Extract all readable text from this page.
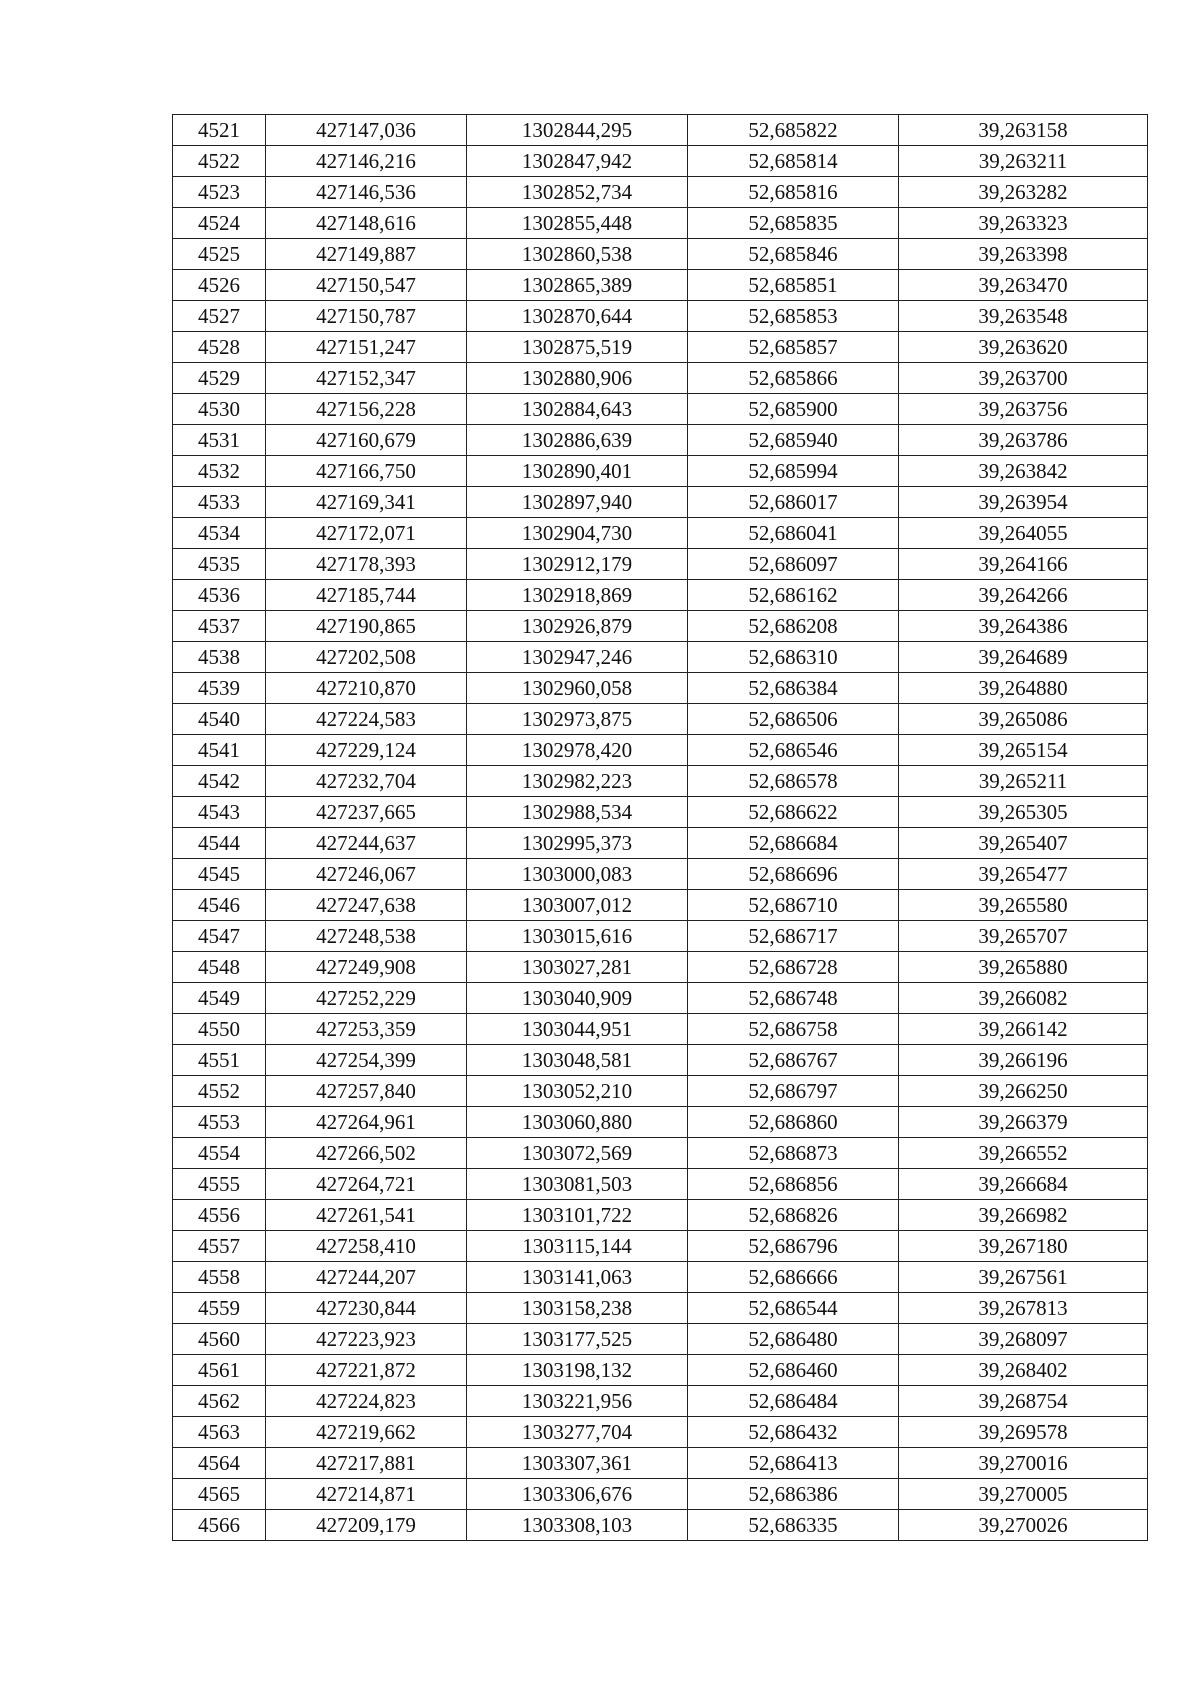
4521	427147,036	1302844,295	52,685822	39,263158
4522	427146,216	1302847,942	52,685814	39,263211
4523	427146,536	1302852,734	52,685816	39,263282
4524	427148,616	1302855,448	52,685835	39,263323
4525	427149,887	1302860,538	52,685846	39,263398
4526	427150,547	1302865,389	52,685851	39,263470
4527	427150,787	1302870,644	52,685853	39,263548
4528	427151,247	1302875,519	52,685857	39,263620
4529	427152,347	1302880,906	52,685866	39,263700
4530	427156,228	1302884,643	52,685900	39,263756
4531	427160,679	1302886,639	52,685940	39,263786
4532	427166,750	1302890,401	52,685994	39,263842
4533	427169,341	1302897,940	52,686017	39,263954
4534	427172,071	1302904,730	52,686041	39,264055
4535	427178,393	1302912,179	52,686097	39,264166
4536	427185,744	1302918,869	52,686162	39,264266
4537	427190,865	1302926,879	52,686208	39,264386
4538	427202,508	1302947,246	52,686310	39,264689
4539	427210,870	1302960,058	52,686384	39,264880
4540	427224,583	1302973,875	52,686506	39,265086
4541	427229,124	1302978,420	52,686546	39,265154
4542	427232,704	1302982,223	52,686578	39,265211
4543	427237,665	1302988,534	52,686622	39,265305
4544	427244,637	1302995,373	52,686684	39,265407
4545	427246,067	1303000,083	52,686696	39,265477
4546	427247,638	1303007,012	52,686710	39,265580
4547	427248,538	1303015,616	52,686717	39,265707
4548	427249,908	1303027,281	52,686728	39,265880
4549	427252,229	1303040,909	52,686748	39,266082
4550	427253,359	1303044,951	52,686758	39,266142
4551	427254,399	1303048,581	52,686767	39,266196
4552	427257,840	1303052,210	52,686797	39,266250
4553	427264,961	1303060,880	52,686860	39,266379
4554	427266,502	1303072,569	52,686873	39,266552
4555	427264,721	1303081,503	52,686856	39,266684
4556	427261,541	1303101,722	52,686826	39,266982
4557	427258,410	1303115,144	52,686796	39,267180
4558	427244,207	1303141,063	52,686666	39,267561
4559	427230,844	1303158,238	52,686544	39,267813
4560	427223,923	1303177,525	52,686480	39,268097
4561	427221,872	1303198,132	52,686460	39,268402
4562	427224,823	1303221,956	52,686484	39,268754
4563	427219,662	1303277,704	52,686432	39,269578
4564	427217,881	1303307,361	52,686413	39,270016
4565	427214,871	1303306,676	52,686386	39,270005
4566	427209,179	1303308,103	52,686335	39,270026
